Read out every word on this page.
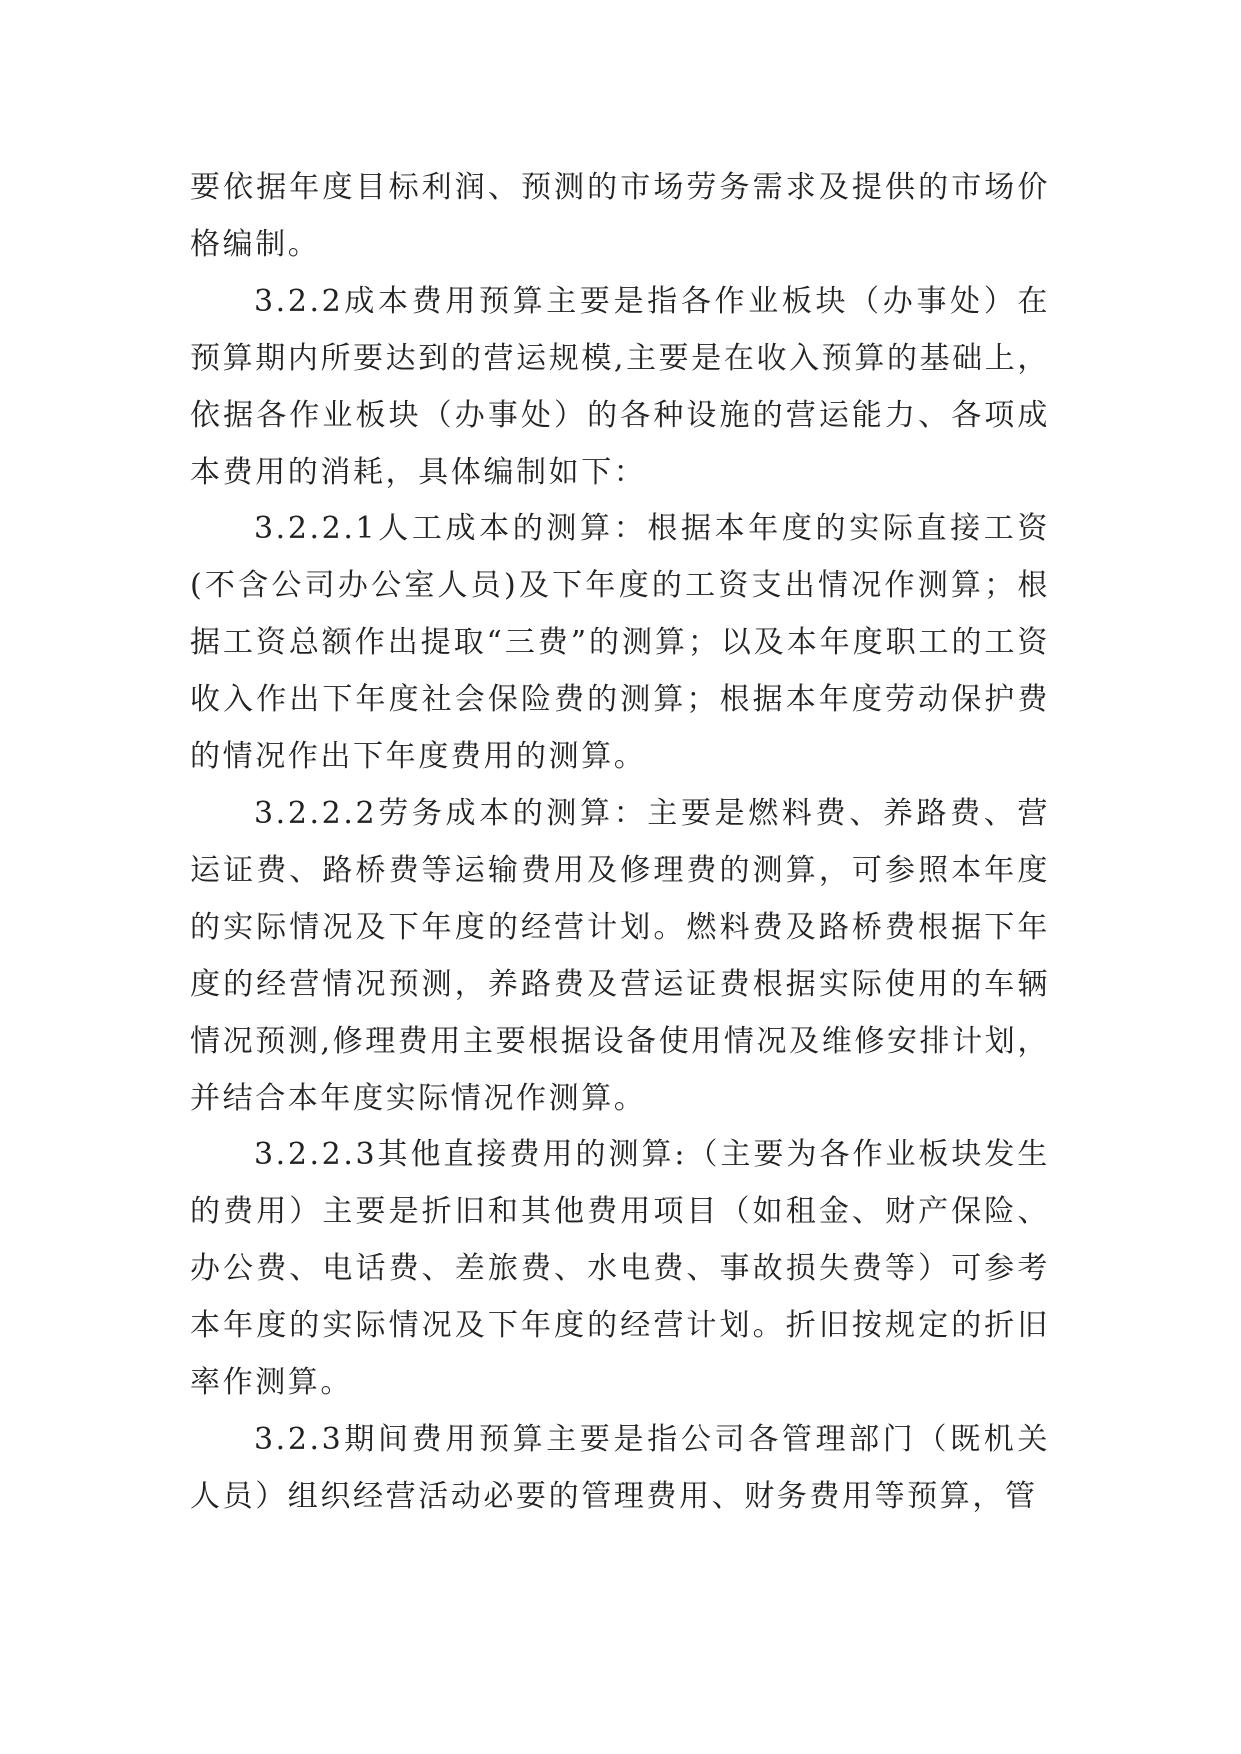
要依据年度目标利润、预测的市场劳务需求及提供的市场价格编制。

3.2.2成本费用预算主要是指各作业板块（办事处）在预算期内所要达到的营运规模,主要是在收入预算的基础上，依据各作业板块（办事处）的各种设施的营运能力、各项成本费用的消耗，具体编制如下：

3.2.2.1人工成本的测算：根据本年度的实际直接工资(不含公司办公室人员)及下年度的工资支出情况作测算；根据工资总额作出提取“三费”的测算；以及本年度职工的工资收入作出下年度社会保险费的测算；根据本年度劳动保护费的情况作出下年度费用的测算。

3.2.2.2劳务成本的测算：主要是燃料费、养路费、营运证费、路桥费等运输费用及修理费的测算，可参照本年度的实际情况及下年度的经营计划。燃料费及路桥费根据下年度的经营情况预测，养路费及营运证费根据实际使用的车辆情况预测,修理费用主要根据设备使用情况及维修安排计划，并结合本年度实际情况作测算。

3.2.2.3其他直接费用的测算:（主要为各作业板块发生的费用）主要是折旧和其他费用项目（如租金、财产保险、办公费、电话费、差旅费、水电费、事故损失费等）可参考本年度的实际情况及下年度的经营计划。折旧按规定的折旧率作测算。

3.2.3期间费用预算主要是指公司各管理部门（既机关人员）组织经营活动必要的管理费用、财务费用等预算，管
